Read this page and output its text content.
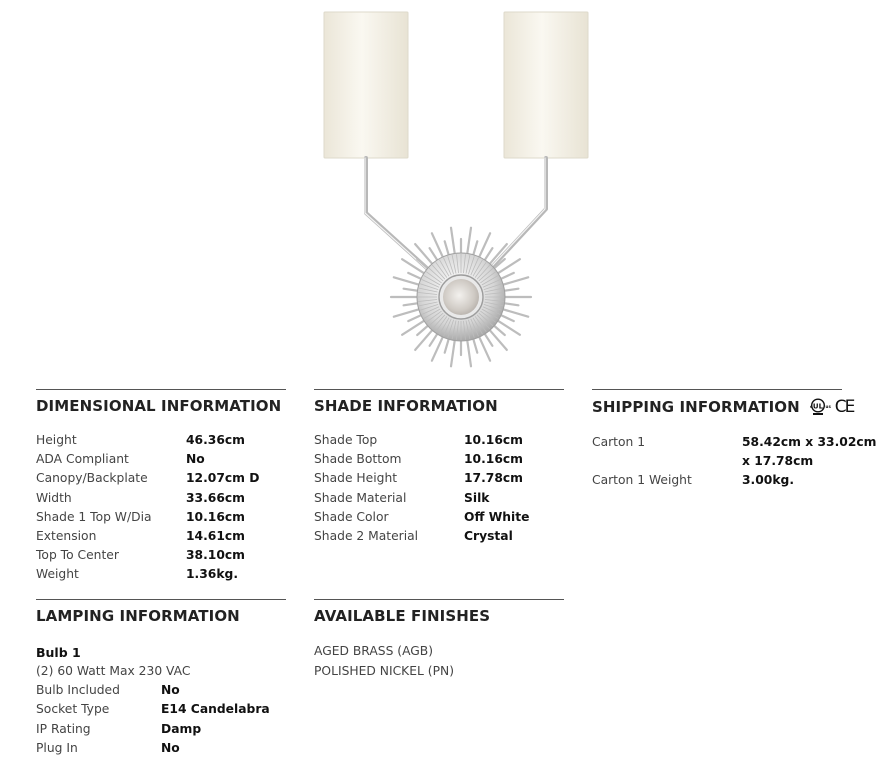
DIMENSIONAL INFORMATION
Height	46.36cm
ADA Compliant	No
Canopy/Backplate	12.07cm D
Width	33.66cm
Shade 1 Top W/Dia	10.16cm
Extension	14.61cm
Top To Center	38.10cm
Weight	1.36kg.
SHADE INFORMATION
Shade Top	10.16cm
Shade Bottom	10.16cm
Shade Height	17.78cm
Shade Material	Silk
Shade Color	Off White
Shade 2 Material	Crystal
SHIPPING INFORMATION UL
c	us CE
Carton 1	58.42cm x 33.02cm
x 17.78cm
Carton 1 Weight	3.00kg.
LAMPING INFORMATION
Bulb 1
(2) 60 Watt Max 230 VAC
Bulb Included	No
Socket Type	E14 Candelabra
IP Rating	Damp
Plug In	No
AVAILABLE FINISHES
AGED BRASS (AGB)
POLISHED NICKEL (PN)
